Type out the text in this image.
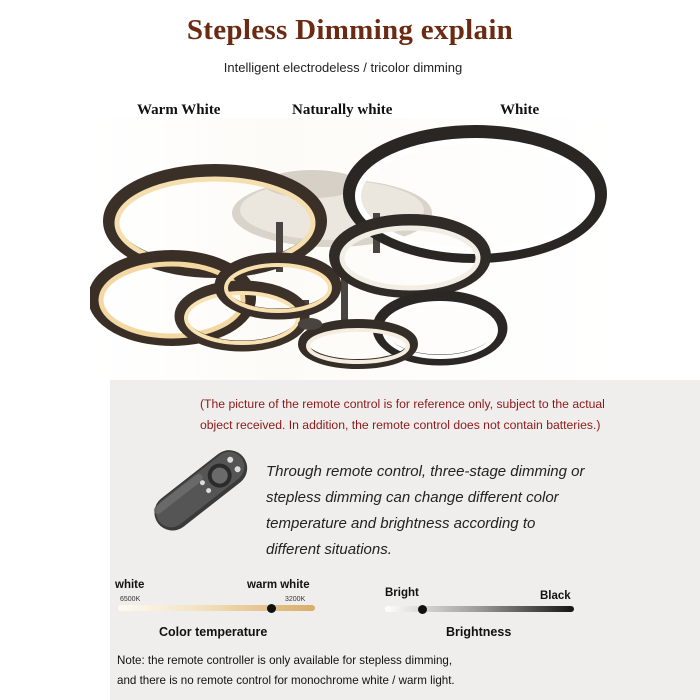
Stepless Dimming explain
Intelligent electrodeless / tricolor dimming
Warm White	Naturally white	White
(The picture of the remote control is for reference only, subject to the actual
object received. In addition, the remote control does not contain batteries.)
Through remote control, three-stage dimming or
stepless dimming can change different color
temperature and brightness according to
different situations.
white	warm white
6500K	3200K
Color temperature
Bright	Black
Brightness
Note: the remote controller is only available for stepless dimming,
and there is no remote control for monochrome white / warm light.
